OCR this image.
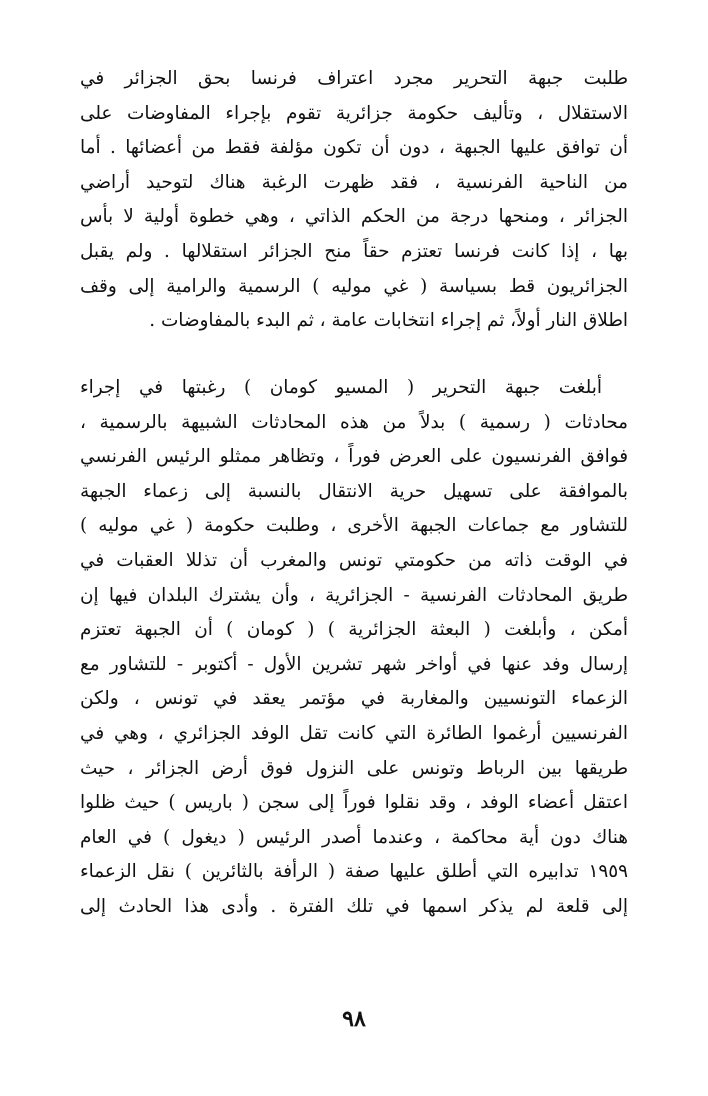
طلبت جبهة التحرير مجرد اعتراف فرنسا بحق الجزائر في
الاستقلال ، وتأليف حكومة جزائرية تقوم بإجراء المفاوضات على
أن توافق عليها الجبهة ، دون أن تكون مؤلفة فقط من أعضائها . أما
من الناحية الفرنسية ، فقد ظهرت الرغبة هناك لتوحيد أراضي
الجزائر ، ومنحها درجة من الحكم الذاتي ، وهي خطوة أولية لا بأس
بها ، إذا كانت فرنسا تعتزم حقاً منح الجزائر استقلالها . ولم يقبل
الجزائريون قط بسياسة ( غي موليه ) الرسمية والرامية إلى وقف
اطلاق النار أولاً، ثم إجراء انتخابات عامة ، ثم البدء بالمفاوضات .
أبلغت جبهة التحرير ( المسيو كومان ) رغبتها في إجراء
محادثات ( رسمية ) بدلاً من هذه المحادثات الشبيهة بالرسمية ،
فوافق الفرنسيون على العرض فوراً ، وتظاهر ممثلو الرئيس الفرنسي
بالموافقة على تسهيل حرية الانتقال بالنسبة إلى زعماء الجبهة
للتشاور مع جماعات الجبهة الأخرى ، وطلبت حكومة ( غي موليه )
في الوقت ذاته من حكومتي تونس والمغرب أن تذللا العقبات في
طريق المحادثات الفرنسية - الجزائرية ، وأن يشترك البلدان فيها إن
أمكن ، وأبلغت ( البعثة الجزائرية ) ( كومان ) أن الجبهة تعتزم
إرسال وفد عنها في أواخر شهر تشرين الأول - أكتوبر - للتشاور مع
الزعماء التونسيين والمغاربة في مؤتمر يعقد في تونس ، ولكن
الفرنسيين أرغموا الطائرة التي كانت تقل الوفد الجزائري ، وهي في
طريقها بين الرباط وتونس على النزول فوق أرض الجزائر ، حيث
اعتقل أعضاء الوفد ، وقد نقلوا فوراً إلى سجن ( باريس ) حيث ظلوا
هناك دون أية محاكمة ، وعندما أصدر الرئيس ( ديغول ) في العام
١٩٥٩ تدابيره التي أطلق عليها صفة ( الرأفة بالثائرين ) نقل الزعماء
إلى قلعة لم يذكر اسمها في تلك الفترة . وأدى هذا الحادث إلى
٩٨
